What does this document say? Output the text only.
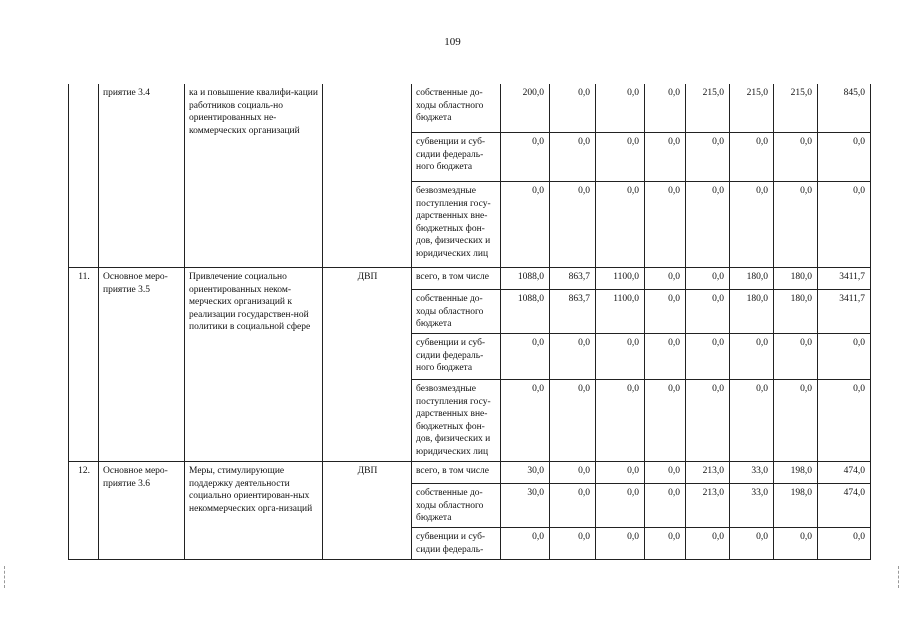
109
	приятие 3.4	ка и повышение квалифи-кации работников социаль-но ориентированных не-коммерческих организаций		собственные до-ходы областного бюджета	200,0	0,0	0,0	0,0	215,0	215,0	215,0	845,0
				субвенции и суб-сидии федераль-ного бюджета	0,0	0,0	0,0	0,0	0,0	0,0	0,0	0,0
				безвозмездные поступления госу-дарственных вне-бюджетных фон-дов, физических и юридических лиц	0,0	0,0	0,0	0,0	0,0	0,0	0,0	0,0
11.	Основное меро-приятие 3.5	Привлечение социально ориентированных неком-мерческих организаций к реализации государствен-ной политики в социальной сфере	ДВП	всего, в том числе	1088,0	863,7	1100,0	0,0	0,0	180,0	180,0	3411,7
				собственные до-ходы областного бюджета	1088,0	863,7	1100,0	0,0	0,0	180,0	180,0	3411,7
				субвенции и суб-сидии федераль-ного бюджета	0,0	0,0	0,0	0,0	0,0	0,0	0,0	0,0
				безвозмездные поступления госу-дарственных вне-бюджетных фон-дов, физических и юридических лиц	0,0	0,0	0,0	0,0	0,0	0,0	0,0	0,0
12.	Основное меро-приятие 3.6	Меры, стимулирующие поддержку деятельности социально ориентирован-ных некоммерческих орга-низаций	ДВП	всего, в том числе	30,0	0,0	0,0	0,0	213,0	33,0	198,0	474,0
				собственные до-ходы областного бюджета	30,0	0,0	0,0	0,0	213,0	33,0	198,0	474,0
				субвенции и суб-сидии федераль-	0,0	0,0	0,0	0,0	0,0	0,0	0,0	0,0
